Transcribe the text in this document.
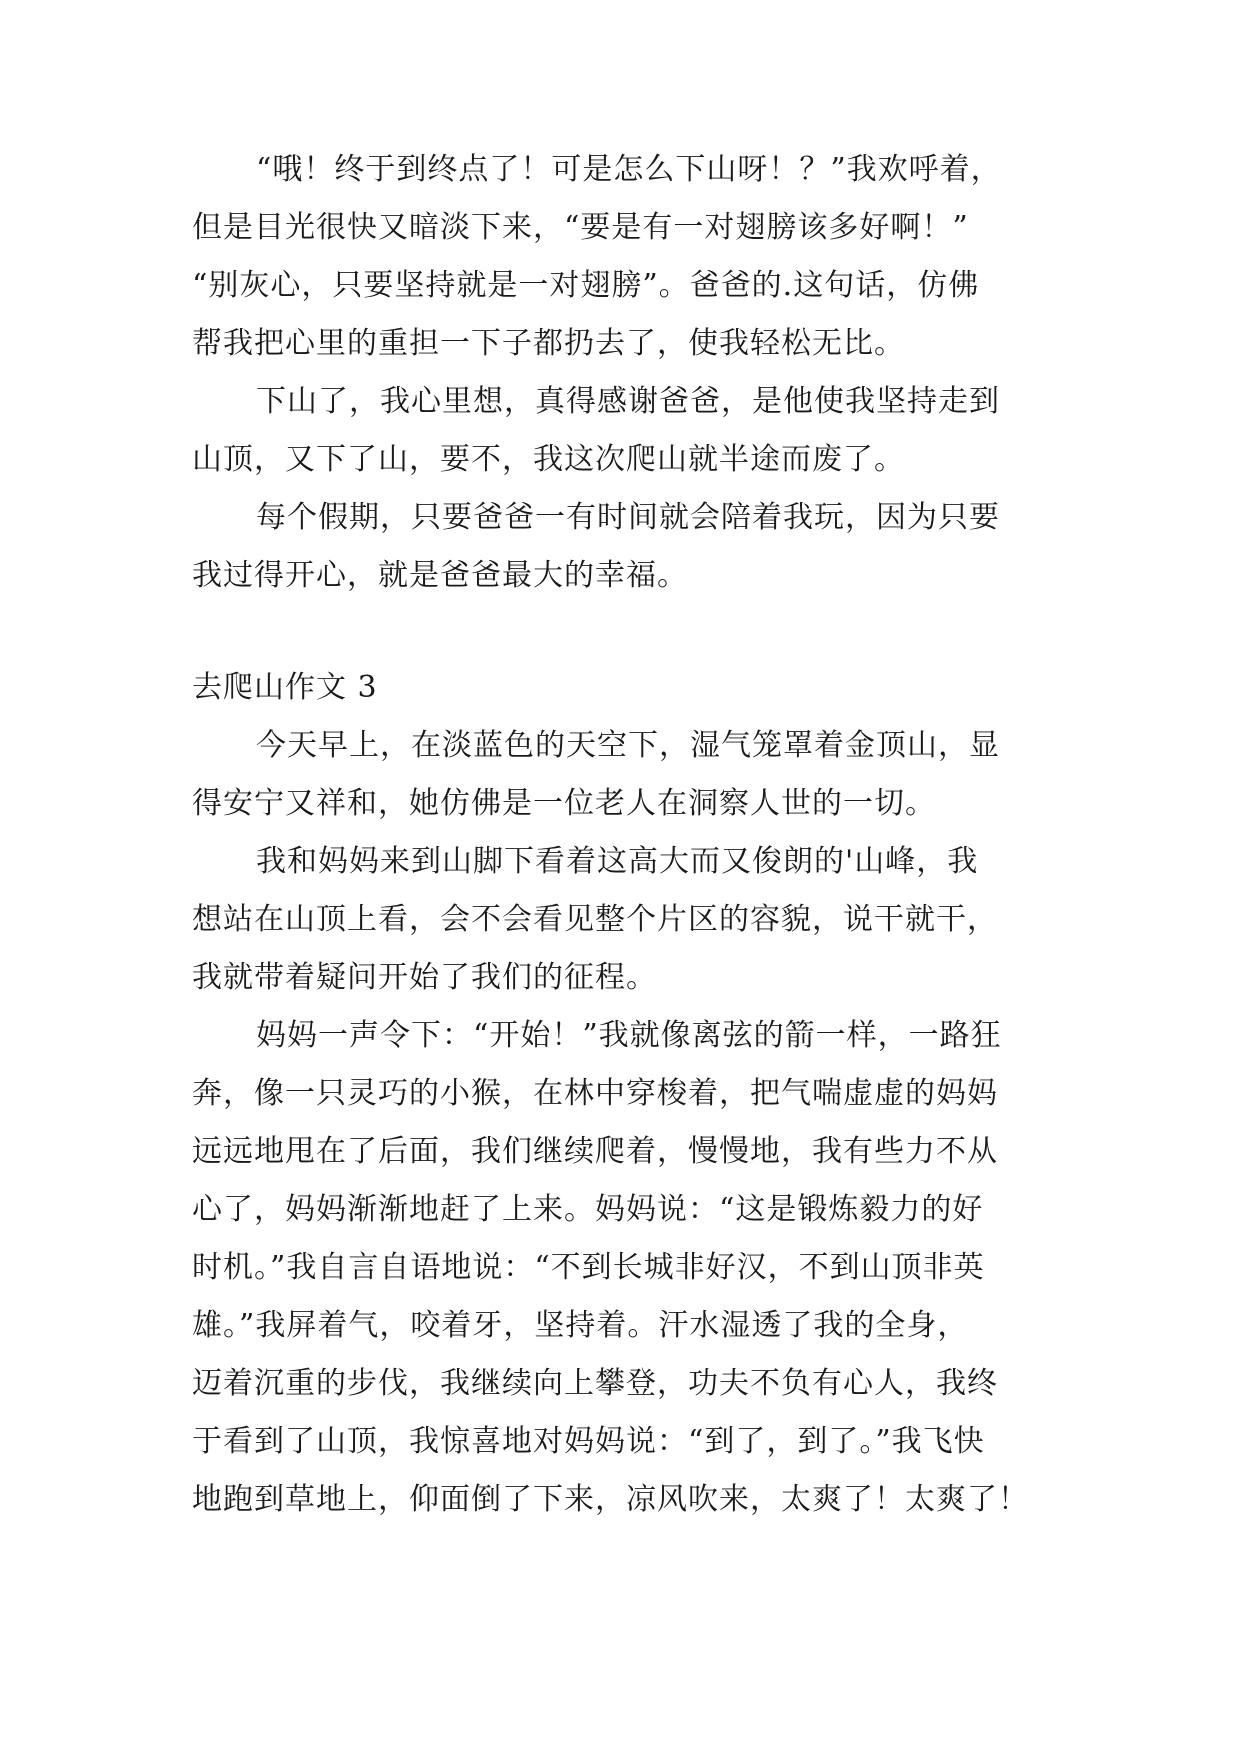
“哦！终于到终点了！可是怎么下山呀！？”我欢呼着，
但是目光很快又暗淡下来，“要是有一对翅膀该多好啊！”
“别灰心，只要坚持就是一对翅膀”。爸爸的.这句话，仿佛
帮我把心里的重担一下子都扔去了，使我轻松无比。
下山了，我心里想，真得感谢爸爸，是他使我坚持走到
山顶，又下了山，要不，我这次爬山就半途而废了。
每个假期，只要爸爸一有时间就会陪着我玩，因为只要
我过得开心，就是爸爸最大的幸福。
去爬山作文 3
今天早上，在淡蓝色的天空下，湿气笼罩着金顶山，显
得安宁又祥和，她仿佛是一位老人在洞察人世的一切。
我和妈妈来到山脚下看着这高大而又俊朗的'山峰，我
想站在山顶上看，会不会看见整个片区的容貌，说干就干，
我就带着疑问开始了我们的征程。
妈妈一声令下：“开始！”我就像离弦的箭一样，一路狂
奔，像一只灵巧的小猴，在林中穿梭着，把气喘虚虚的妈妈
远远地甩在了后面，我们继续爬着，慢慢地，我有些力不从
心了，妈妈渐渐地赶了上来。妈妈说：“这是锻炼毅力的好
时机。”我自言自语地说：“不到长城非好汉，不到山顶非英
雄。”我屏着气，咬着牙，坚持着。汗水湿透了我的全身，
迈着沉重的步伐，我继续向上攀登，功夫不负有心人，我终
于看到了山顶，我惊喜地对妈妈说：“到了，到了。”我飞快
地跑到草地上，仰面倒了下来，凉风吹来，太爽了！太爽了！
